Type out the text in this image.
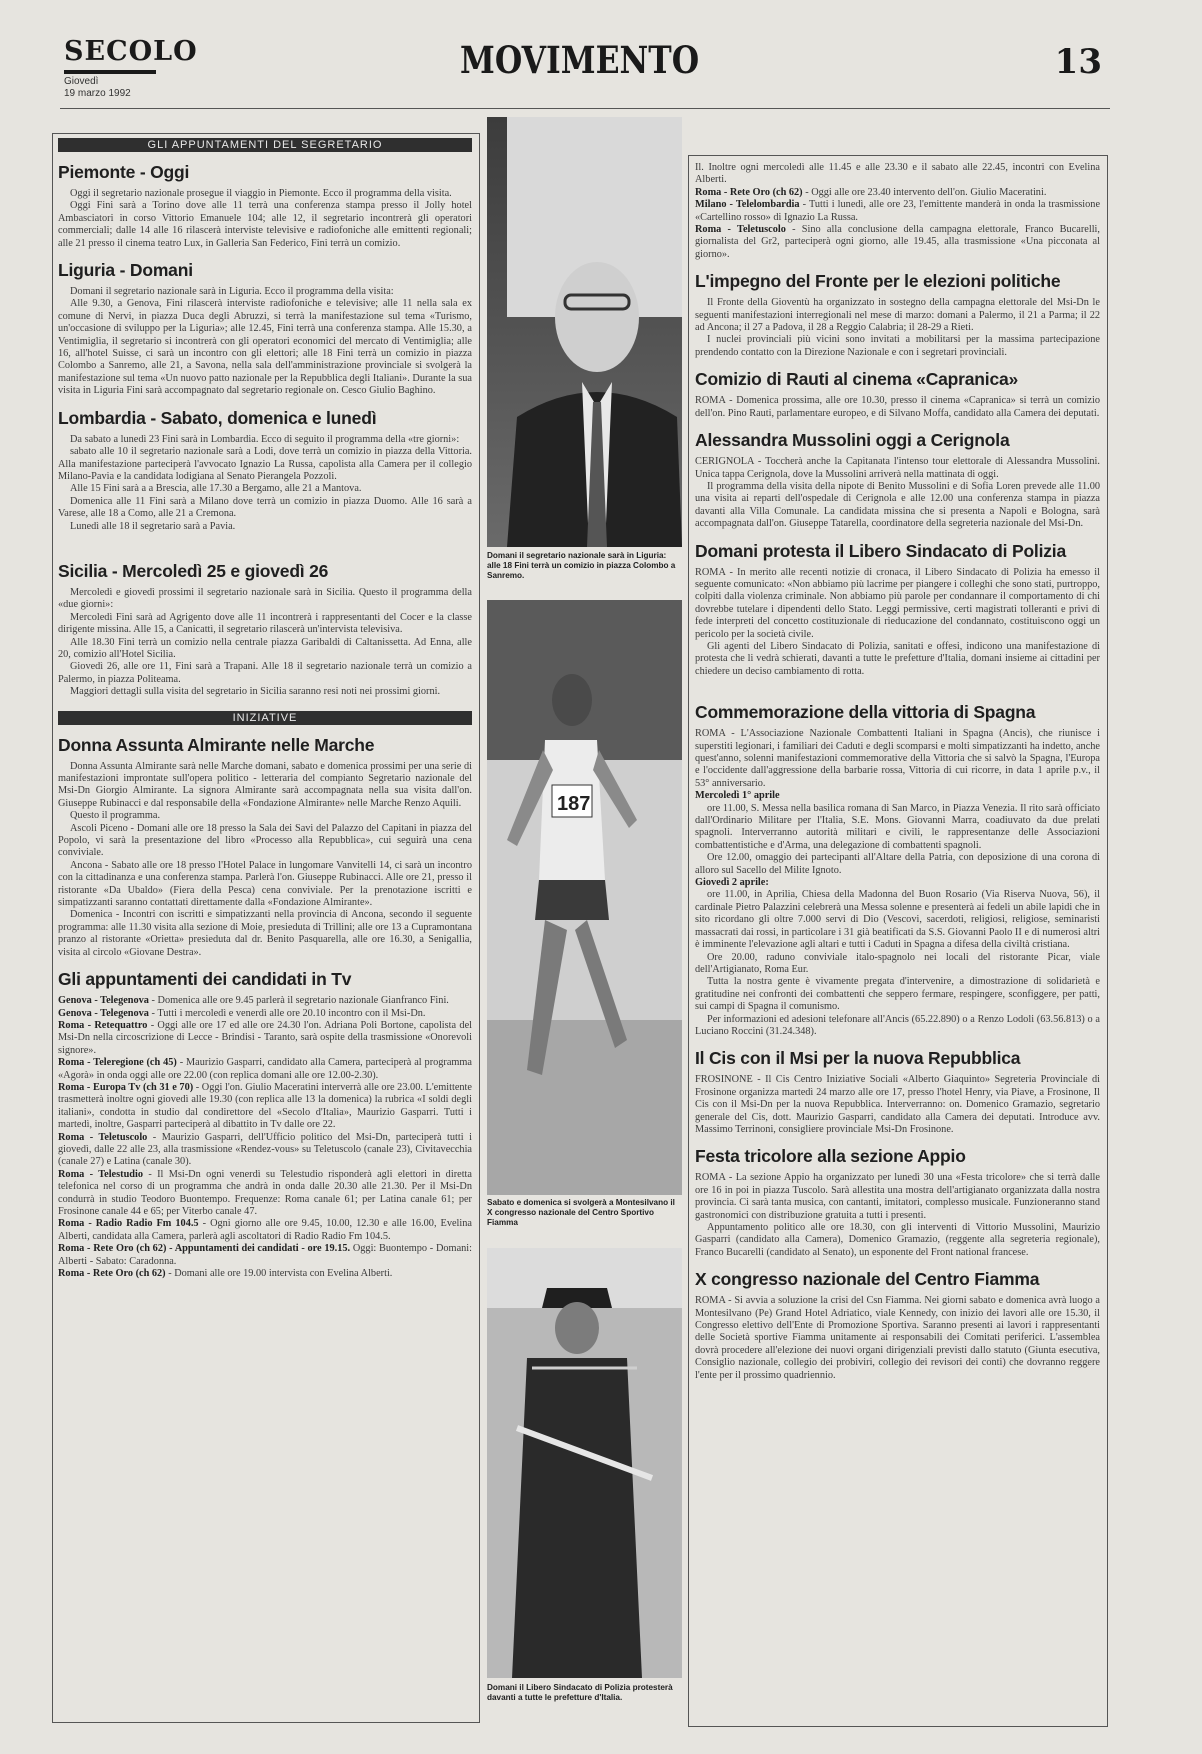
SECOLO
Giovedì
19 marzo 1992
MOVIMENTO	13
GLI APPUNTAMENTI DEL SEGRETARIO
Piemonte - Oggi

Oggi il segretario nazionale prosegue il viaggio in Piemonte. Ecco il programma della visita.

Oggi Fini sarà a Torino dove alle 11 terrà una conferenza stampa presso il Jolly hotel Ambasciatori in corso Vittorio Emanuele 104; alle 12, il segretario incontrerà gli operatori commerciali; dalle 14 alle 16 rilascerà interviste televisive e radiofoniche alle emittenti regionali; alle 21 presso il cinema teatro Lux, in Galleria San Federico, Fini terrà un comizio.

Liguria - Domani

Domani il segretario nazionale sarà in Liguria. Ecco il programma della visita:

Alle 9.30, a Genova, Fini rilascerà interviste radiofoniche e televisive; alle 11 nella sala ex comune di Nervi, in piazza Duca degli Abruzzi, si terrà la manifestazione sul tema «Turismo, un'occasione di sviluppo per la Liguria»; alle 12.45, Fini terrà una conferenza stampa. Alle 15.30, a Ventimiglia, il segretario si incontrerà con gli operatori economici del mercato di Ventimiglia; alle 16, all'hotel Suisse, ci sarà un incontro con gli elettori; alle 18 Fini terrà un comizio in piazza Colombo a Sanremo, alle 21, a Savona, nella sala dell'amministrazione provinciale si svolgerà la manifestazione sul tema «Un nuovo patto nazionale per la Repubblica degli Italiani». Durante la sua visita in Liguria Fini sarà accompagnato dal segretario regionale on. Cesco Giulio Baghino.

Lombardia - Sabato, domenica e lunedì

Da sabato a lunedì 23 Fini sarà in Lombardia. Ecco di seguito il programma della «tre giorni»:

sabato alle 10 il segretario nazionale sarà a Lodi, dove terrà un comizio in piazza della Vittoria. Alla manifestazione parteciperà l'avvocato Ignazio La Russa, capolista alla Camera per il collegio Milano-Pavia e la candidata lodigiana al Senato Pierangela Pozzoli.

Alle 15 Fini sarà a a Brescia, alle 17.30 a Bergamo, alle 21 a Mantova.

Domenica alle 11 Fini sarà a Milano dove terrà un comizio in piazza Duomo. Alle 16 sarà a Varese, alle 18 a Como, alle 21 a Cremona.

Lunedì alle 18 il segretario sarà a Pavia.

Sicilia - Mercoledì 25 e giovedì 26

Mercoledì e giovedì prossimi il segretario nazionale sarà in Sicilia. Questo il programma della «due giorni»:

Mercoledì Fini sarà ad Agrigento dove alle 11 incontrerà i rappresentanti del Cocer e la classe dirigente missina. Alle 15, a Canicattì, il segretario rilascerà un'intervista televisiva.

Alle 18.30 Fini terrà un comizio nella centrale piazza Garibaldi di Caltanissetta. Ad Enna, alle 20, comizio all'Hotel Sicilia.

Giovedì 26, alle ore 11, Fini sarà a Trapani. Alle 18 il segretario nazionale terrà un comizio a Palermo, in piazza Politeama.

Maggiori dettagli sulla visita del segretario in Sicilia saranno resi noti nei prossimi giorni.

INIZIATIVE
Donna Assunta Almirante nelle Marche

Donna Assunta Almirante sarà nelle Marche domani, sabato e domenica prossimi per una serie di manifestazioni improntate sull'opera politico - letteraria del compianto Segretario nazionale del Msi-Dn Giorgio Almirante. La signora Almirante sarà accompagnata nella sua visita dall'on. Giuseppe Rubinacci e dal responsabile della «Fondazione Almirante» nelle Marche Renzo Aquili.

Questo il programma.

Ascoli Piceno - Domani alle ore 18 presso la Sala dei Savi del Palazzo del Capitani in piazza del Popolo, vi sarà la presentazione del libro «Processo alla Repubblica», cui seguirà una cena conviviale.

Ancona - Sabato alle ore 18 presso l'Hotel Palace in lungomare Vanvitelli 14, ci sarà un incontro con la cittadinanza e una conferenza stampa. Parlerà l'on. Giuseppe Rubinacci. Alle ore 21, presso il ristorante «Da Ubaldo» (Fiera della Pesca) cena conviviale. Per la prenotazione iscritti e simpatizzanti saranno contattati direttamente dalla «Fondazione Almirante».

Domenica - Incontri con iscritti e simpatizzanti nella provincia di Ancona, secondo il seguente programma: alle 11.30 visita alla sezione di Moie, presieduta di Trillini; alle ore 13 a Cupramontana pranzo al ristorante «Orietta» presieduta dal dr. Benito Pasquarella, alle ore 16.30, a Senigallia, visita al circolo «Giovane Destra».

Gli appuntamenti dei candidati in Tv

Genova - Telegenova - Domenica alle ore 9.45 parlerà il segretario nazionale Gianfranco Fini.

Genova - Telegenova - Tutti i mercoledì e venerdì alle ore 20.10 incontro con il Msi-Dn.

Roma - Retequattro - Oggi alle ore 17 ed alle ore 24.30 l'on. Adriana Poli Bortone, capolista del Msi-Dn nella circoscrizione di Lecce - Brindisi - Taranto, sarà ospite della trasmissione «Onorevoli signore».

Roma - Teleregione (ch 45) - Maurizio Gasparri, candidato alla Camera, parteciperà al programma «Agorà» in onda oggi alle ore 22.00 (con replica domani alle ore 12.00-2.30).

Roma - Europa Tv (ch 31 e 70) - Oggi l'on. Giulio Maceratini interverrà alle ore 23.00. L'emittente trasmetterà inoltre ogni giovedì alle 19.30 (con replica alle 13 la domenica) la rubrica «I soldi degli italiani», condotta in studio dal condirettore del «Secolo d'Italia», Maurizio Gasparri. Tutti i martedì, inoltre, Gasparri parteciperà al dibattito in Tv dalle ore 22.

Roma - Teletuscolo - Maurizio Gasparri, dell'Ufficio politico del Msi-Dn, parteciperà tutti i giovedì, dalle 22 alle 23, alla trasmissione «Rendez-vous» su Teletuscolo (canale 23), Civitavecchia (canale 27) e Latina (canale 30).

Roma - Telestudio - Il Msi-Dn ogni venerdì su Telestudio risponderà agli elettori in diretta telefonica nel corso di un programma che andrà in onda dalle 20.30 alle 21.30. Per il Msi-Dn condurrà in studio Teodoro Buontempo. Frequenze: Roma canale 61; per Latina canale 61; per Frosinone canale 44 e 65; per Viterbo canale 47.

Roma - Radio Radio Fm 104.5 - Ogni giorno alle ore 9.45, 10.00, 12.30 e alle 16.00, Evelina Alberti, candidata alla Camera, parlerà agli ascoltatori di Radio Radio Fm 104.5.

Roma - Rete Oro (ch 62) - Appuntamenti dei candidati - ore 19.15. Oggi: Buontempo - Domani: Alberti - Sabato: Caradonna.

Roma - Rete Oro (ch 62) - Domani alle ore 19.00 intervista con Evelina Alberti.

Domani il segretario nazionale sarà in Liguria: alle 18 Fini terrà un comizio in piazza Colombo a Sanremo.
187
Sabato e domenica si svolgerà a Montesilvano il X congresso nazionale del Centro Sportivo Fiamma
Domani il Libero Sindacato di Polizia protesterà davanti a tutte le prefetture d'Italia.

Il. Inoltre ogni mercoledì alle 11.45 e alle 23.30 e il sabato alle 22.45, incontri con Evelina Alberti.

Roma - Rete Oro (ch 62) - Oggi alle ore 23.40 intervento dell'on. Giulio Maceratini.

Milano - Telelombardia - Tutti i lunedì, alle ore 23, l'emittente manderà in onda la trasmissione «Cartellino rosso» di Ignazio La Russa.

Roma - Teletuscolo - Sino alla conclusione della campagna elettorale, Franco Bucarelli, giornalista del Gr2, parteciperà ogni giorno, alle 19.45, alla trasmissione «Una picconata al giorno».

L'impegno del Fronte per le elezioni politiche

Il Fronte della Gioventù ha organizzato in sostegno della campagna elettorale del Msi-Dn le seguenti manifestazioni interregionali nel mese di marzo: domani a Palermo, il 21 a Parma; il 22 ad Ancona; il 27 a Padova, il 28 a Reggio Calabria; il 28-29 a Rieti.

I nuclei provinciali più vicini sono invitati a mobilitarsi per la massima partecipazione prendendo contatto con la Direzione Nazionale e con i segretari provinciali.

Comizio di Rauti al cinema «Capranica»

ROMA - Domenica prossima, alle ore 10.30, presso il cinema «Capranica» si terrà un comizio dell'on. Pino Rauti, parlamentare europeo, e di Silvano Moffa, candidato alla Camera dei deputati.

Alessandra Mussolini oggi a Cerignola

CERIGNOLA - Toccherà anche la Capitanata l'intenso tour elettorale di Alessandra Mussolini. Unica tappa Cerignola, dove la Mussolini arriverà nella mattinata di oggi.

Il programma della visita della nipote di Benito Mussolini e di Sofia Loren prevede alle 11.00 una visita ai reparti dell'ospedale di Cerignola e alle 12.00 una conferenza stampa in piazza davanti alla Villa Comunale. La candidata missina che si presenta a Napoli e Bologna, sarà accompagnata dall'on. Giuseppe Tatarella, coordinatore della segreteria nazionale del Msi-Dn.

Domani protesta il Libero Sindacato di Polizia

ROMA - In merito alle recenti notizie di cronaca, il Libero Sindacato di Polizia ha emesso il seguente comunicato: «Non abbiamo più lacrime per piangere i colleghi che sono stati, purtroppo, colpiti dalla violenza criminale. Non abbiamo più parole per condannare il comportamento di chi dovrebbe tutelare i dipendenti dello Stato. Leggi permissive, certi magistrati tolleranti e privi di fede interpreti del concetto costituzionale di rieducazione del condannato, costituiscono oggi un pericolo per la società civile.

Gli agenti del Libero Sindacato di Polizia, sanitati e offesi, indicono una manifestazione di protesta che li vedrà schierati, davanti a tutte le prefetture d'Italia, domani insieme ai cittadini per chiedere un deciso cambiamento di rotta.

Commemorazione della vittoria di Spagna

ROMA - L'Associazione Nazionale Combattenti Italiani in Spagna (Ancis), che riunisce i superstiti legionari, i familiari dei Caduti e degli scomparsi e molti simpatizzanti ha indetto, anche quest'anno, solenni manifestazioni commemorative della Vittoria che si salvò la Spagna, l'Europa e l'occidente dall'aggressione della barbarie rossa, Vittoria di cui ricorre, in data 1 aprile p.v., il 53° anniversario.

Mercoledì 1° aprile

ore 11.00, S. Messa nella basilica romana di San Marco, in Piazza Venezia. Il rito sarà officiato dall'Ordinario Militare per l'Italia, S.E. Mons. Giovanni Marra, coadiuvato da due prelati spagnoli. Interverranno autorità militari e civili, le rappresentanze delle Associazioni combattentistiche e d'Arma, una delegazione di combattenti spagnoli.

Ore 12.00, omaggio dei partecipanti all'Altare della Patria, con deposizione di una corona di alloro sul Sacello del Milite Ignoto.

Giovedì 2 aprile:

ore 11.00, in Aprilia, Chiesa della Madonna del Buon Rosario (Via Riserva Nuova, 56), il cardinale Pietro Palazzini celebrerà una Messa solenne e presenterà ai fedeli un abile lapidi che in sito ricordano gli oltre 7.000 servi di Dio (Vescovi, sacerdoti, religiosi, religiose, seminaristi massacrati dai rossi, in particolare i 31 già beatificati da S.S. Giovanni Paolo II e di numerosi altri è imminente l'elevazione agli altari e tutti i Caduti in Spagna a difesa della civiltà cristiana.

Ore 20.00, raduno conviviale italo-spagnolo nei locali del ristorante Picar, viale dell'Artigianato, Roma Eur.

Tutta la nostra gente è vivamente pregata d'intervenire, a dimostrazione di solidarietà e gratitudine nei confronti dei combattenti che seppero fermare, respingere, sconfiggere, per patti, sui campi di Spagna il comunismo.

Per informazioni ed adesioni telefonare all'Ancis (65.22.890) o a Renzo Lodoli (63.56.813) o a Luciano Roccini (31.24.348).

Il Cis con il Msi per la nuova Repubblica

FROSINONE - Il Cis Centro Iniziative Sociali «Alberto Giaquinto» Segreteria Provinciale di Frosinone organizza martedì 24 marzo alle ore 17, presso l'hotel Henry, via Piave, a Frosinone, Il Cis con il Msi-Dn per la nuova Repubblica. Interverranno: on. Domenico Gramazio, segretario generale del Cis, dott. Maurizio Gasparri, candidato alla Camera dei deputati. Introduce avv. Massimo Terrinoni, consigliere provinciale Msi-Dn Frosinone.

Festa tricolore alla sezione Appio

ROMA - La sezione Appio ha organizzato per lunedì 30 una «Festa tricolore» che si terrà dalle ore 16 in poi in piazza Tuscolo. Sarà allestita una mostra dell'artigianato organizzata dalla nostra provincia. Ci sarà tanta musica, con cantanti, imitatori, complesso musicale. Funzioneranno stand gastronomici con distribuzione gratuita a tutti i presenti.

Appuntamento politico alle ore 18.30, con gli interventi di Vittorio Mussolini, Maurizio Gasparri (candidato alla Camera), Domenico Gramazio, (reggente alla segreteria regionale), Franco Bucarelli (candidato al Senato), un esponente del Front national francese.

X congresso nazionale del Centro Fiamma

ROMA - Si avvia a soluzione la crisi del Csn Fiamma. Nei giorni sabato e domenica avrà luogo a Montesilvano (Pe) Grand Hotel Adriatico, viale Kennedy, con inizio dei lavori alle ore 15.30, il Congresso elettivo dell'Ente di Promozione Sportiva. Saranno presenti ai lavori i rappresentanti delle Società sportive Fiamma unitamente ai responsabili dei Comitati periferici. L'assemblea dovrà procedere all'elezione dei nuovi organi dirigenziali previsti dallo statuto (Giunta esecutiva, Consiglio nazionale, collegio dei probiviri, collegio dei revisori dei conti) che dovranno reggere l'ente per il prossimo quadriennio.
